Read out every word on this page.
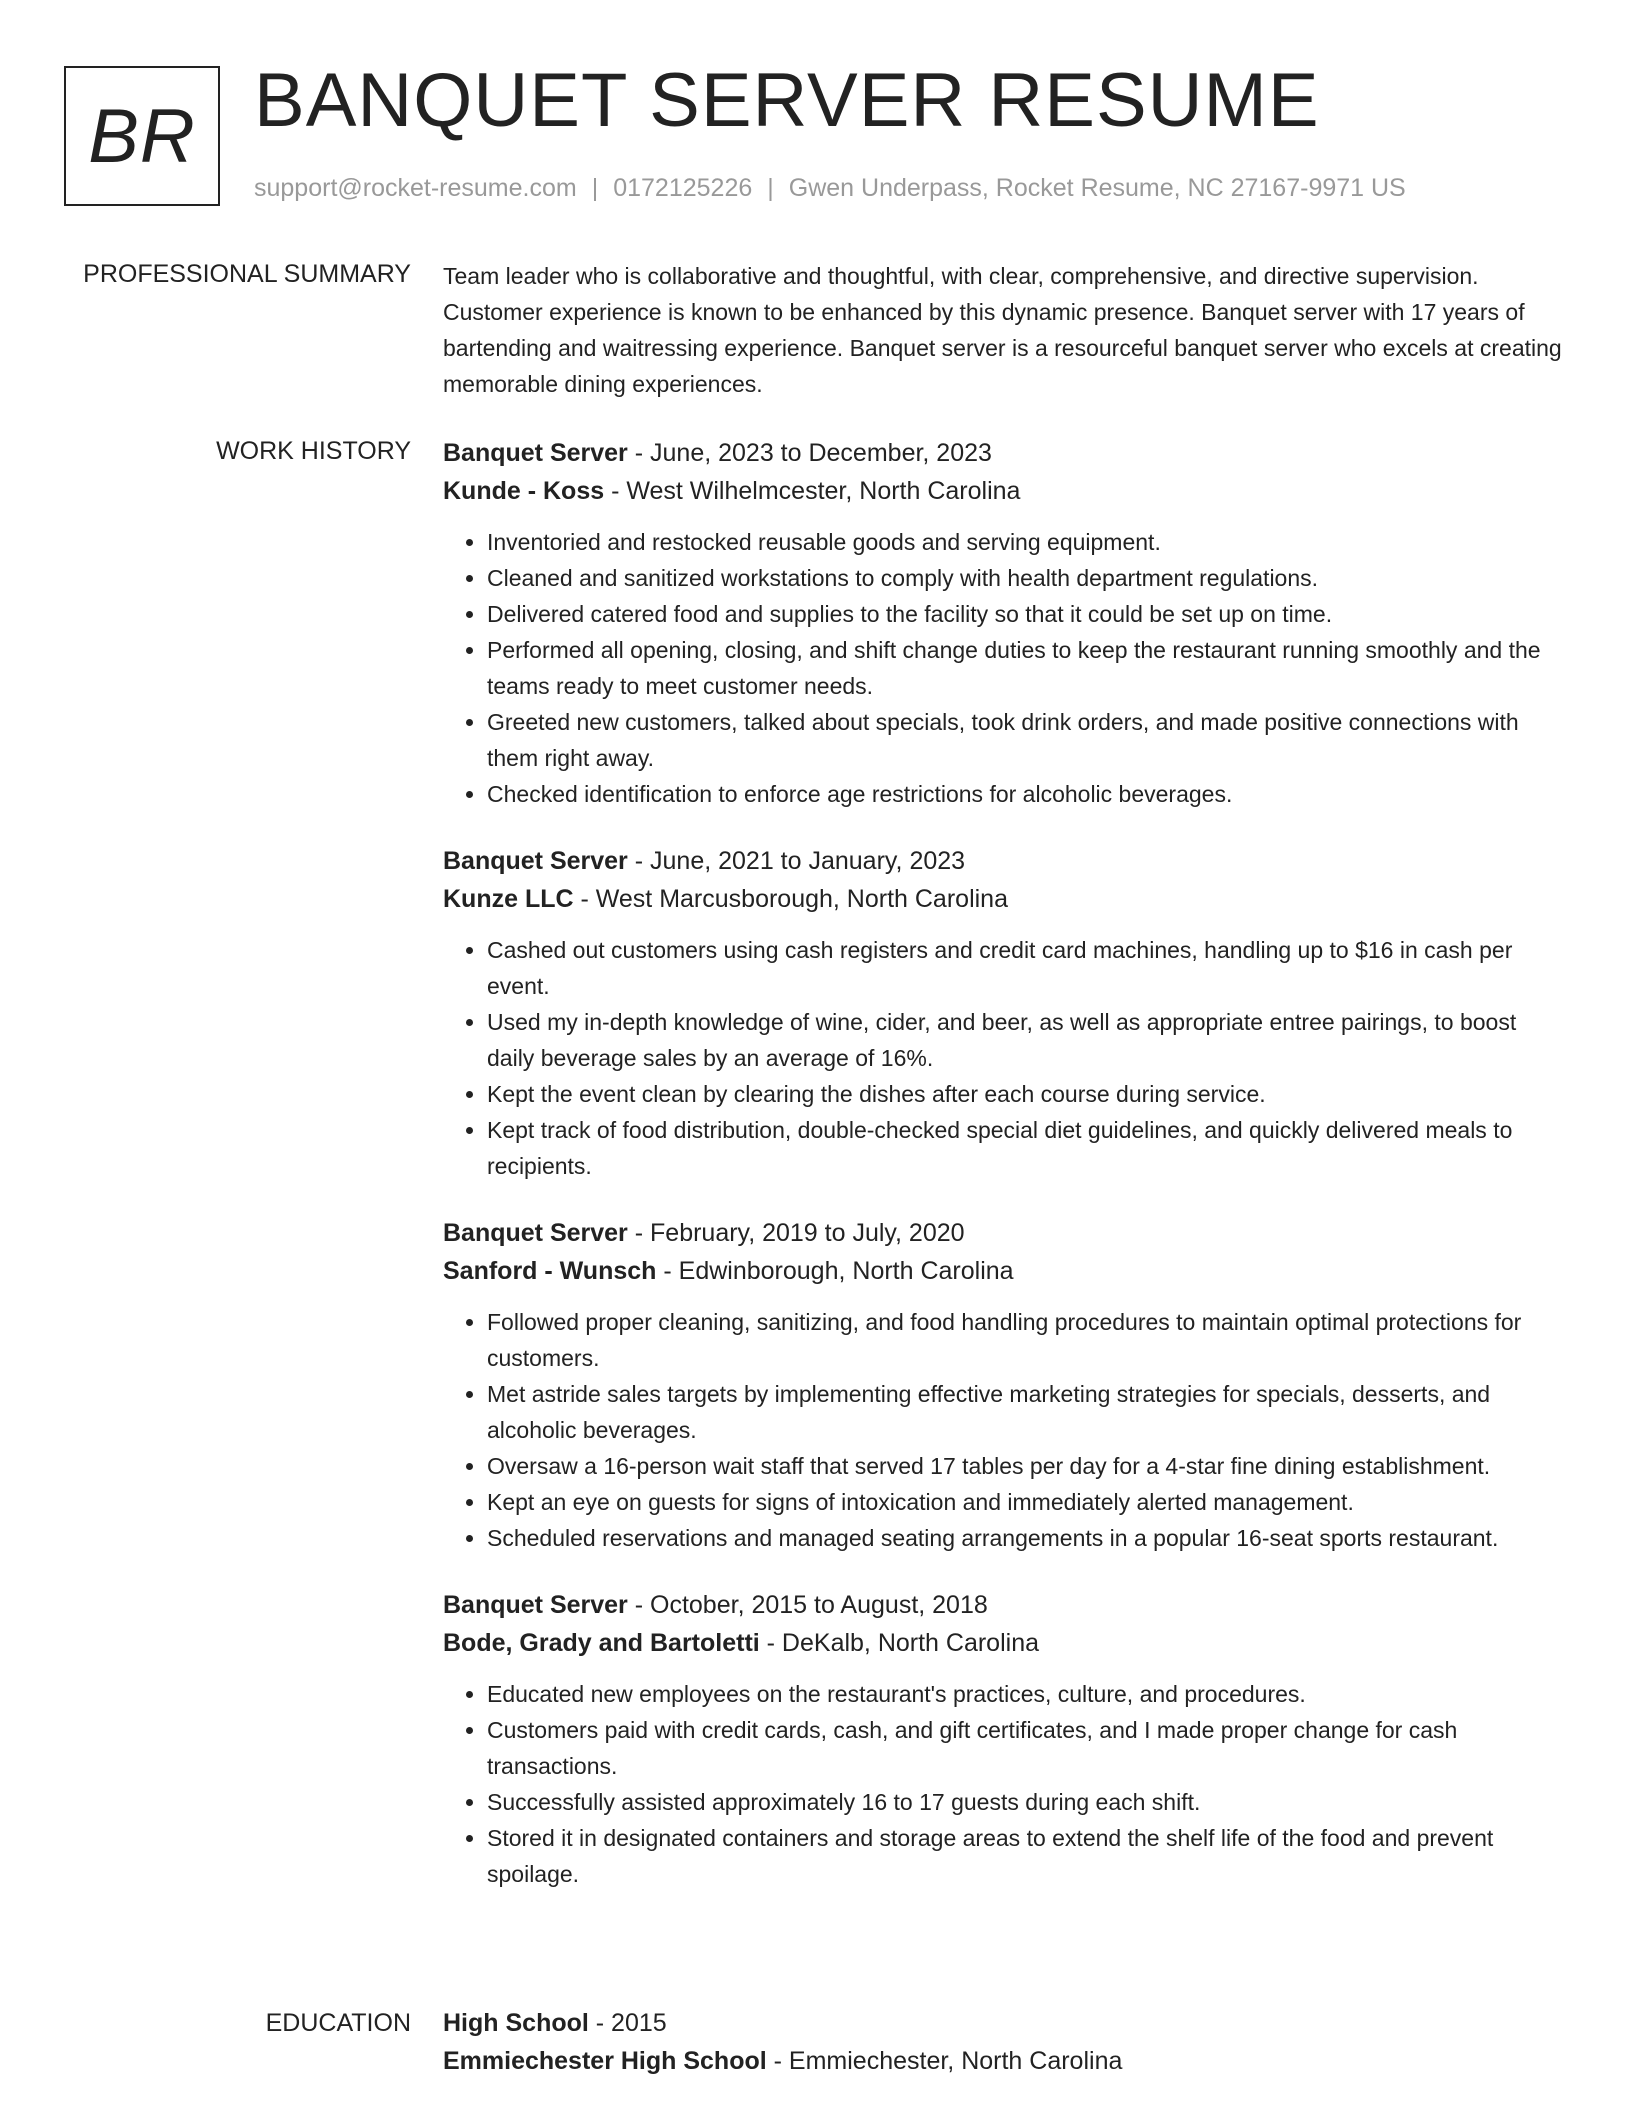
BR BANQUET SERVER RESUME
support@rocket-resume.com | 0172125226 | Gwen Underpass, Rocket Resume, NC 27167-9971 US
PROFESSIONAL SUMMARY Team leader who is collaborative and thoughtful, with clear, comprehensive, and directive supervision. Customer experience is known to be enhanced by this dynamic presence. Banquet server with 17 years of bartending and waitressing experience. Banquet server is a resourceful banquet server who excels at creating memorable dining experiences.

WORK HISTORY Banquet Server - June, 2023 to December, 2023
Kunde - Koss - West Wilhelmcester, North Carolina
• Inventoried and restocked reusable goods and serving equipment.
• Cleaned and sanitized workstations to comply with health department regulations.
• Delivered catered food and supplies to the facility so that it could be set up on time.
• Performed all opening, closing, and shift change duties to keep the restaurant running smoothly and the teams ready to meet customer needs.
• Greeted new customers, talked about specials, took drink orders, and made positive connections with them right away.
• Checked identification to enforce age restrictions for alcoholic beverages.
Banquet Server - June, 2021 to January, 2023
Kunze LLC - West Marcusborough, North Carolina
• Cashed out customers using cash registers and credit card machines, handling up to $16 in cash per event.
• Used my in-depth knowledge of wine, cider, and beer, as well as appropriate entree pairings, to boost daily beverage sales by an average of 16%.
• Kept the event clean by clearing the dishes after each course during service.
• Kept track of food distribution, double-checked special diet guidelines, and quickly delivered meals to recipients.
Banquet Server - February, 2019 to July, 2020
Sanford - Wunsch - Edwinborough, North Carolina
• Followed proper cleaning, sanitizing, and food handling procedures to maintain optimal protections for customers.
• Met astride sales targets by implementing effective marketing strategies for specials, desserts, and alcoholic beverages.
• Oversaw a 16-person wait staff that served 17 tables per day for a 4-star fine dining establishment.
• Kept an eye on guests for signs of intoxication and immediately alerted management.
• Scheduled reservations and managed seating arrangements in a popular 16-seat sports restaurant.
Banquet Server - October, 2015 to August, 2018
Bode, Grady and Bartoletti - DeKalb, North Carolina
• Educated new employees on the restaurant's practices, culture, and procedures.
• Customers paid with credit cards, cash, and gift certificates, and I made proper change for cash transactions.
• Successfully assisted approximately 16 to 17 guests during each shift.
• Stored it in designated containers and storage areas to extend the shelf life of the food and prevent spoilage.
EDUCATION High School - 2015
Emmiechester High School - Emmiechester, North Carolina
